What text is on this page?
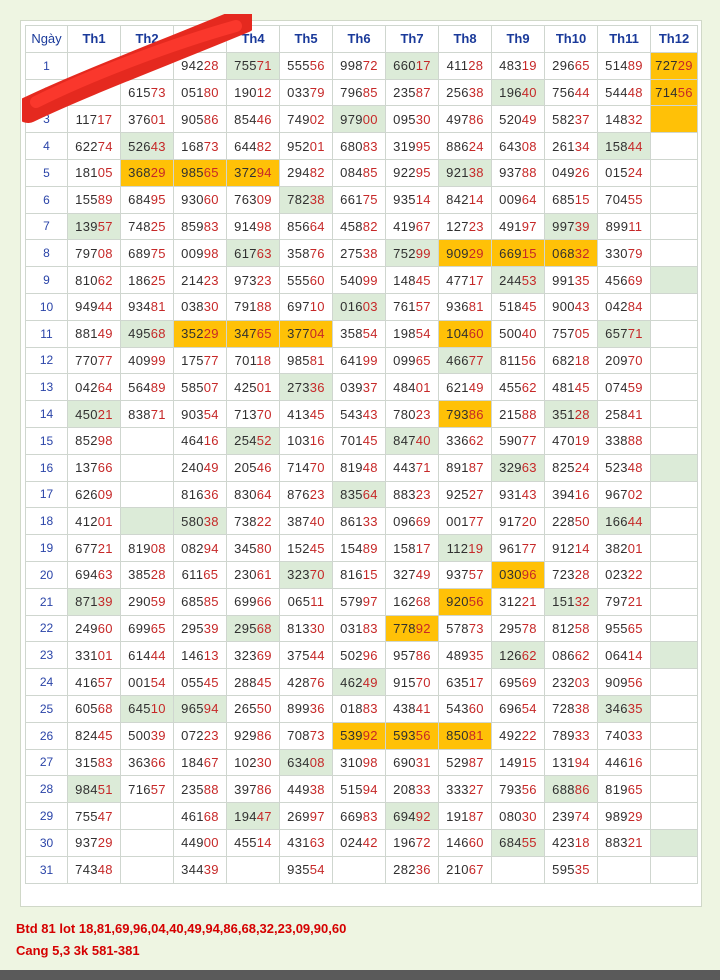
Ngày	Th1	Th2	Th3	Th4	Th5	Th6	Th7	Th8	Th9	Th10	Th11	Th12
1			94228	75571	55556	99872	66017	41128	48319	29665	51489	72729
2		61573	05180	19012	03379	79685	23587	25638	19640	75644	54448	71456
3	11717	37601	90586	85446	74902	97900	09530	49786	52049	58237	14832	
4	62274	52643	16873	64482	95201	68083	31995	88624	64308	26134	15844	
5	18105	36829	98565	37294	29482	08485	92295	92138	93788	04926	01524	
6	15589	68495	93060	76309	78238	66175	93514	84214	00964	68515	70455	
7	13957	74825	85983	91498	85664	45882	41967	12723	49197	99739	89911	
8	79708	68975	00998	61763	35876	27538	75299	90929	66915	06832	33079	
9	81062	18625	21423	97323	55560	54099	14845	47717	24453	99135	45669	
10	94944	93481	03830	79188	69710	01603	76157	93681	51845	90043	04284	
11	88149	49568	35229	34765	37704	35854	19854	10460	50040	75705	65771	
12	77077	40999	17577	70118	98581	64199	09965	46677	81156	68218	20970	
13	04264	56489	58507	42501	27336	03937	48401	62149	45562	48145	07459	
14	45021	83871	90354	71370	41345	54343	78023	79386	21588	35128	25841	
15	85298		46416	25452	10316	70145	84740	33662	59077	47019	33888	
16	13766		24049	20546	71470	81948	44371	89187	32963	82524	52348	
17	62609		81636	83064	87623	83564	88323	92527	93143	39416	96702	
18	41201		58038	73822	38740	86133	09669	00177	91720	22850	16644	
19	67721	81908	08294	34580	15245	15489	15817	11219	96177	91214	38201	
20	69463	38528	61165	23061	32370	81615	32749	93757	03096	72328	02322	
21	87139	29059	68585	69966	06511	57997	16268	92056	31221	15132	79721	
22	24960	69965	29539	29568	81330	03183	77892	57873	29578	81258	95565	
23	33101	61444	14613	32369	37544	50296	95786	48935	12662	08662	06414	
24	41657	00154	05545	28845	42876	46249	91570	63517	69569	23203	90956	
25	60568	64510	96594	26550	89936	01883	43841	54360	69654	72838	34635	
26	82445	50039	07223	92986	70873	53992	59356	85081	49222	78933	74033	
27	31583	36366	18467	10230	63408	31098	69031	52987	14915	13194	44616	
28	98451	71657	23588	39786	44938	51594	20833	33327	79356	68886	81965	
29	75547		46168	19447	26997	66983	69492	19187	08030	23974	98929	
30	93729		44900	45514	43163	02442	19672	14660	68455	42318	88321	
31	74348		34439		93554		28236	21067		59535		
Btd 81 lot 18,81,69,96,04,40,49,94,86,68,32,23,09,90,60
Cang 5,3 3k 581-381
